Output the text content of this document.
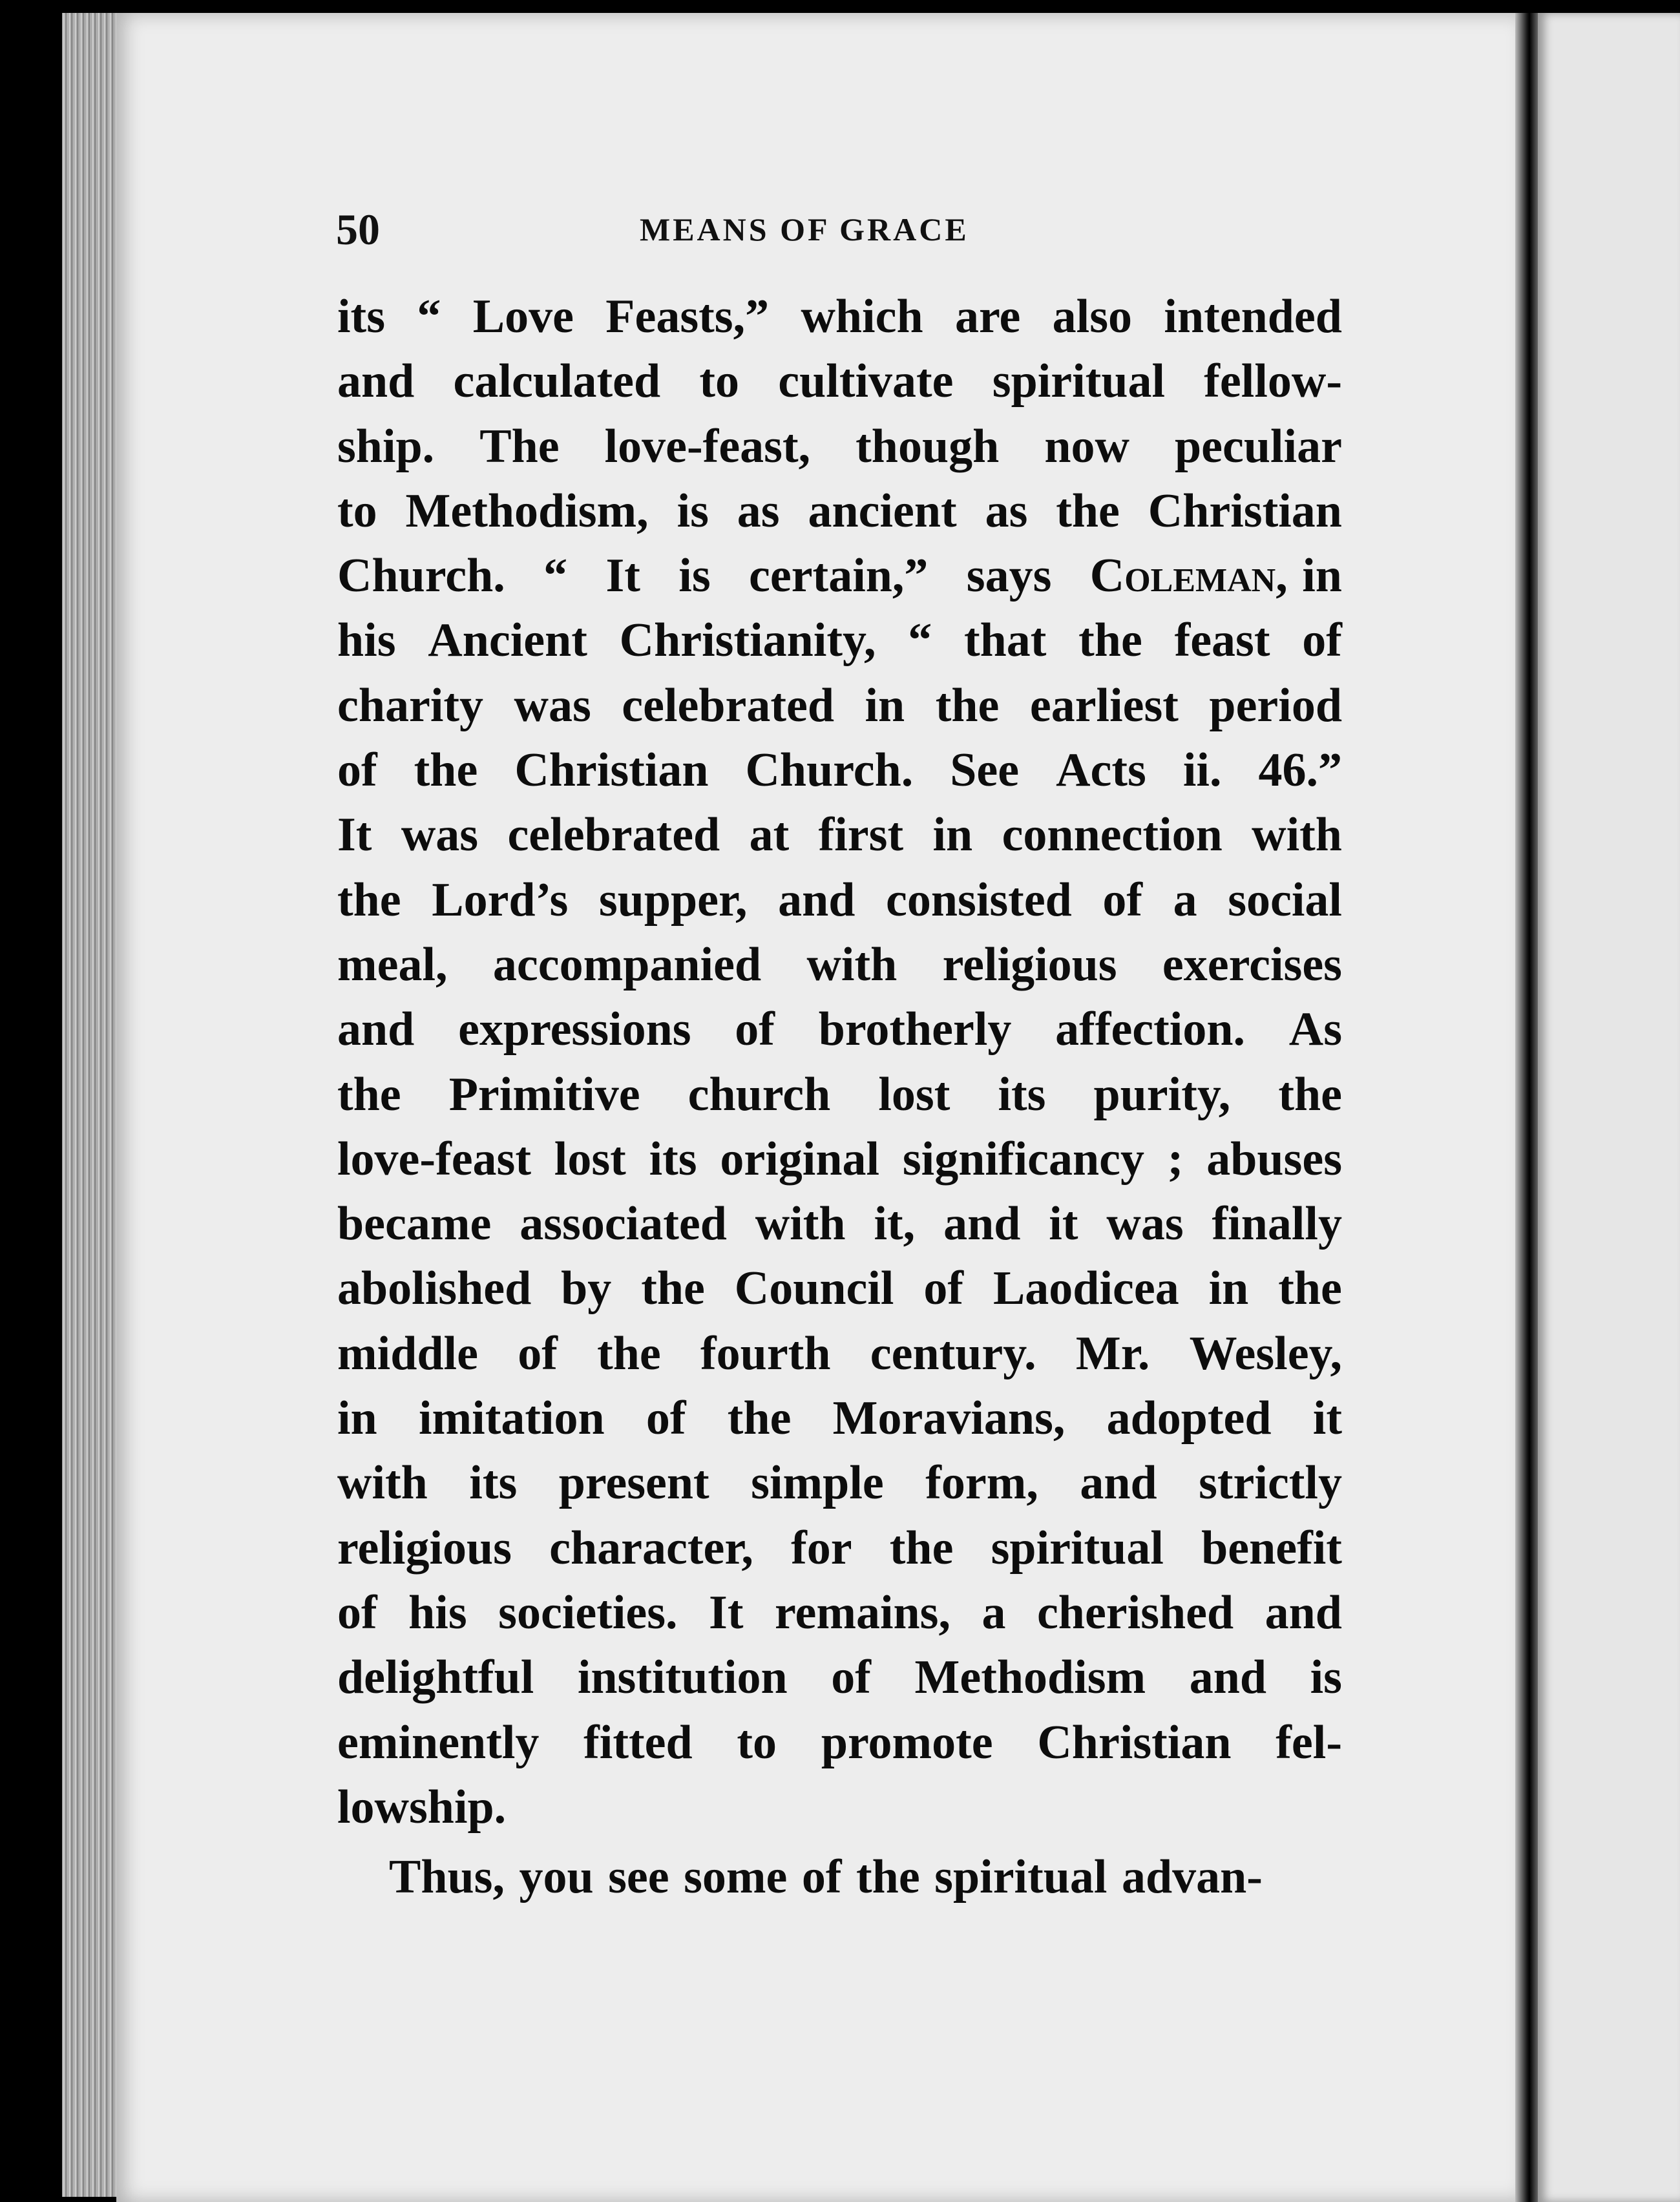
50	MEANS OF GRACE
its “ Love Feasts,” which are also intended
and calculated to cultivate spiritual fellow-
ship. The love-feast, though now peculiar
to Methodism, is as ancient as the Christian
Church. “ It is certain,” says Coleman, in
his Ancient Christianity, “ that the feast of
charity was celebrated in the earliest period
of the Christian Church. See Acts ii. 46.”
It was celebrated at first in connection with
the Lord’s supper, and consisted of a social
meal, accompanied with religious exercises
and expressions of brotherly affection. As
the Primitive church lost its purity, the
love-feast lost its original significancy ; abuses
became associated with it, and it was finally
abolished by the Council of Laodicea in the
middle of the fourth century. Mr. Wesley,
in imitation of the Moravians, adopted it
with its present simple form, and strictly
religious character, for the spiritual benefit
of his societies. It remains, a cherished and
delightful institution of Methodism and is
eminently fitted to promote Christian fel-
lowship.
Thus, you see some of the spiritual advan-
